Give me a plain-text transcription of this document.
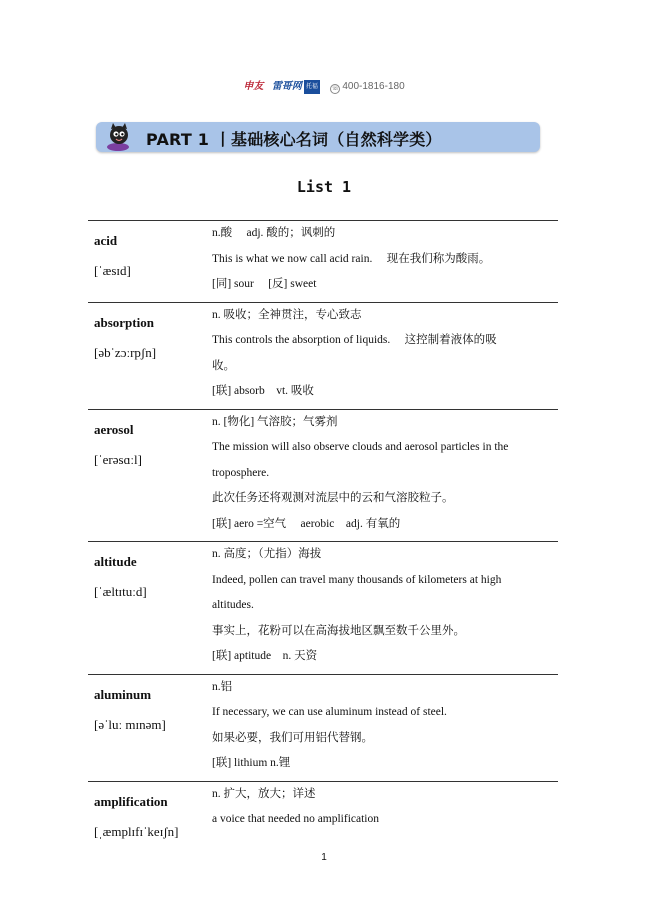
申友 雷哥网 托福 ☏ 400-1816-180
PART 1 丨基础核心名词（自然科学类）
List 1
acid
[ˈæsɪd]
n.酸　 adj. 酸的；讽刺的
This is what we now call acid rain.　 现在我们称为酸雨。
[同] sour　 [反] sweet
absorption
[əbˈzɔːrpʃn]
n. 吸收；全神贯注，专心致志
This controls the absorption of liquids.　 这控制着液体的吸
收。
[联] absorb　vt. 吸收
aerosol
[ˈerəsɑːl]
n. [物化] 气溶胶；气雾剂
The mission will also observe clouds and aerosol particles in the
troposphere.
此次任务还将观测对流层中的云和气溶胶粒子。
[联] aero =空气　 aerobic　adj. 有氧的
altitude
[ˈæltɪtuːd]
n. 高度；（尤指）海拔
Indeed, pollen can travel many thousands of kilometers at high
altitudes.
事实上，花粉可以在高海拔地区飘至数千公里外。
[联] aptitude　n. 天资
aluminum
[əˈluː mɪnəm]
n.铝
If necessary, we can use aluminum instead of steel.
如果必要，我们可用铝代替钢。
[联] lithium n.锂
amplification
[ˌæmplɪfɪˈkeɪʃn]
n. 扩大，放大；详述
a voice that needed no amplification
1
